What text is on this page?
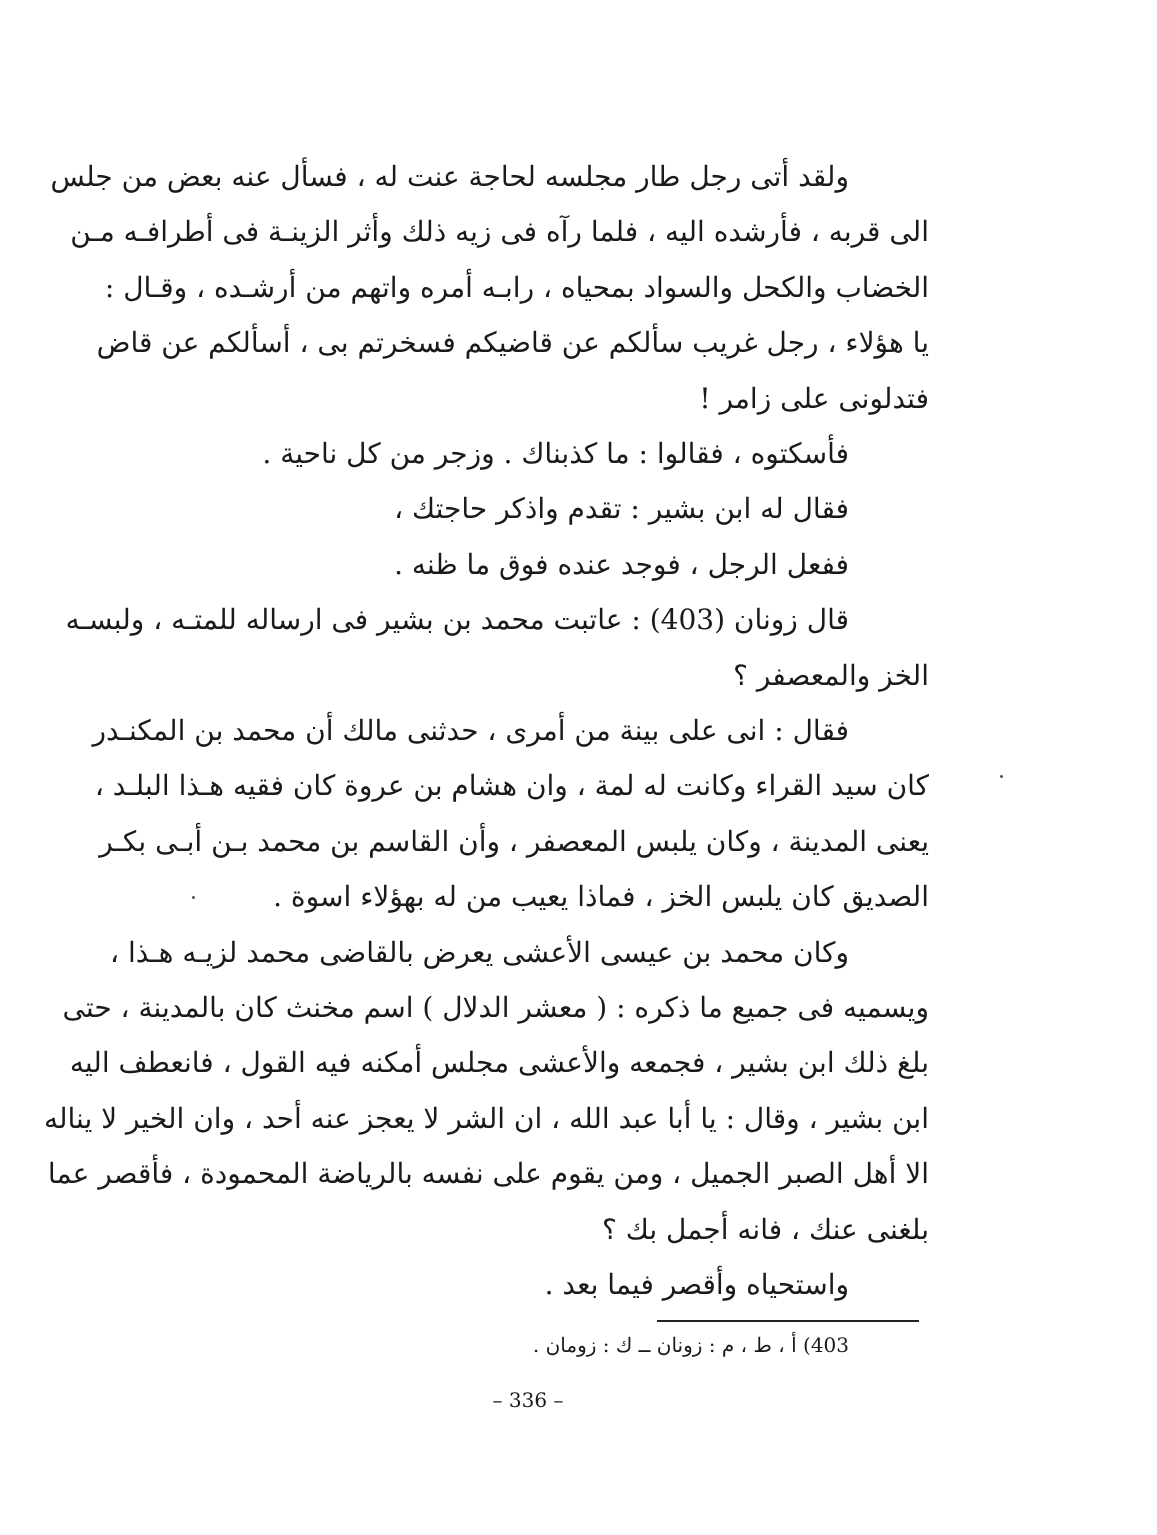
ولقد أتى رجل طار مجلسه لحاجة عنت له ، فسأل عنه بعض من جلس
الى قربه ، فأرشده اليه ، فلما رآه فى زيه ذلك وأثر الزينـة فى أطرافـه مـن
الخضاب والكحل والسواد بمحياه ، رابـه أمره واتهم من أرشـده ، وقـال :
يا هؤلاء ، رجل غريب سألكم عن قاضيكم فسخرتم بى ، أسألكم عن قاض
فتدلونى على زامر !
فأسكتوه ، فقالوا : ما كذبناك . وزجر من كل ناحية .
فقال له ابن بشير : تقدم واذكر حاجتك ،
ففعل الرجل ، فوجد عنده فوق ما ظنه .
قال زونان (403) : عاتبت محمد بن بشير فى ارساله للمتـه ، ولبسـه
الخز والمعصفر ؟
فقال : انى على بينة من أمرى ، حدثنى مالك أن محمد بن المكنـدر
كان سيد القراء وكانت له لمة ، وان هشام بن عروة كان فقيه هـذا البلـد ،
يعنى المدينة ، وكان يلبس المعصفر ، وأن القاسم بن محمد بـن أبـى بكـر
الصديق كان يلبس الخز ، فماذا يعيب من له بهؤلاء اسوة .
وكان محمد بن عيسى الأعشى يعرض بالقاضى محمد لزيـه هـذا ،
ويسميه فى جميع ما ذكره : ( معشر الدلال ) اسم مخنث كان بالمدينة ، حتى
بلغ ذلك ابن بشير ، فجمعه والأعشى مجلس أمكنه فيه القول ، فانعطف اليه
ابن بشير ، وقال : يا أبا عبد الله ، ان الشر لا يعجز عنه أحد ، وان الخير لا يناله
الا أهل الصبر الجميل ، ومن يقوم على نفسه بالرياضة المحمودة ، فأقصر عما
بلغنى عنك ، فانه أجمل بك ؟
واستحياه وأقصر فيما بعد .
403) أ ، ط ، م : زونان ــ ك : زومان .
– 336 –
